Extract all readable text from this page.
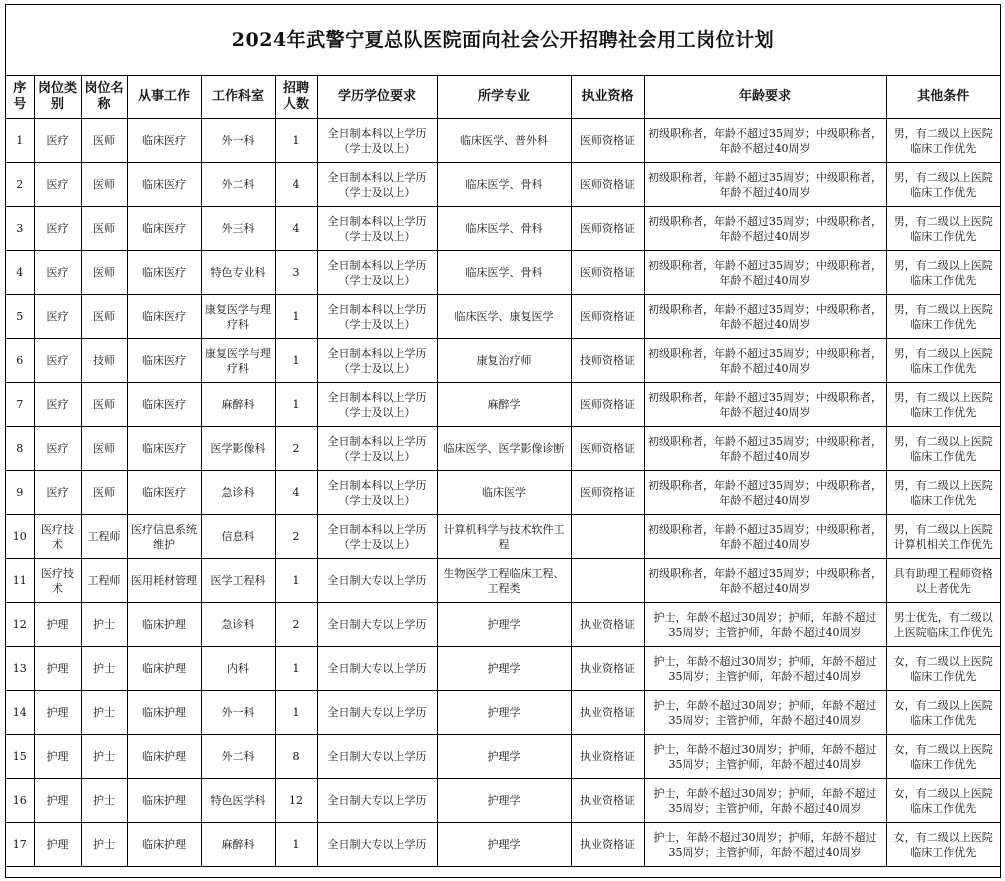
2024年武警宁夏总队医院面向社会公开招聘社会用工岗位计划
序号	岗位类别	岗位名称	从事工作	工作科室	招聘人数	学历学位要求	所学专业	执业资格	年龄要求	其他条件
1	医疗	医师	临床医疗	外一科	1	全日制本科以上学历（学士及以上）	临床医学、普外科	医师资格证	初级职称者，年龄不超过35周岁；中级职称者，年龄不超过40周岁	男，有二级以上医院临床工作优先
2	医疗	医师	临床医疗	外二科	4	全日制本科以上学历（学士及以上）	临床医学、骨科	医师资格证	初级职称者，年龄不超过35周岁；中级职称者，年龄不超过40周岁	男，有二级以上医院临床工作优先
3	医疗	医师	临床医疗	外三科	4	全日制本科以上学历（学士及以上）	临床医学、骨科	医师资格证	初级职称者，年龄不超过35周岁；中级职称者，年龄不超过40周岁	男，有二级以上医院临床工作优先
4	医疗	医师	临床医疗	特色专业科	3	全日制本科以上学历（学士及以上）	临床医学、骨科	医师资格证	初级职称者，年龄不超过35周岁；中级职称者，年龄不超过40周岁	男，有二级以上医院临床工作优先
5	医疗	医师	临床医疗	康复医学与理疗科	1	全日制本科以上学历（学士及以上）	临床医学、康复医学	医师资格证	初级职称者，年龄不超过35周岁；中级职称者，年龄不超过40周岁	男，有二级以上医院临床工作优先
6	医疗	技师	临床医疗	康复医学与理疗科	1	全日制本科以上学历（学士及以上）	康复治疗师	技师资格证	初级职称者，年龄不超过35周岁；中级职称者，年龄不超过40周岁	男，有二级以上医院临床工作优先
7	医疗	医师	临床医疗	麻醉科	1	全日制本科以上学历（学士及以上）	麻醉学	医师资格证	初级职称者，年龄不超过35周岁；中级职称者，年龄不超过40周岁	男，有二级以上医院临床工作优先
8	医疗	医师	临床医疗	医学影像科	2	全日制本科以上学历（学士及以上）	临床医学、医学影像诊断	医师资格证	初级职称者，年龄不超过35周岁；中级职称者，年龄不超过40周岁	男，有二级以上医院临床工作优先
9	医疗	医师	临床医疗	急诊科	4	全日制本科以上学历（学士及以上）	临床医学	医师资格证	初级职称者，年龄不超过35周岁；中级职称者，年龄不超过40周岁	男，有二级以上医院临床工作优先
10	医疗技术	工程师	医疗信息系统维护	信息科	2	全日制本科以上学历（学士及以上）	计算机科学与技术软件工程		初级职称者，年龄不超过35周岁；中级职称者，年龄不超过40周岁	男，有二级以上医院计算机相关工作优先
11	医疗技术	工程师	医用耗材管理	医学工程科	1	全日制大专以上学历	生物医学工程临床工程、工程类		初级职称者，年龄不超过35周岁；中级职称者，年龄不超过40周岁	具有助理工程师资格以上者优先
12	护理	护士	临床护理	急诊科	2	全日制大专以上学历	护理学	执业资格证	护士，年龄不超过30周岁；护师，年龄不超过35周岁；主管护师，年龄不超过40周岁	男士优先，有二级以上医院临床工作优先
13	护理	护士	临床护理	内科	1	全日制大专以上学历	护理学	执业资格证	护士，年龄不超过30周岁；护师，年龄不超过35周岁；主管护师，年龄不超过40周岁	女，有二级以上医院临床工作优先
14	护理	护士	临床护理	外一科	1	全日制大专以上学历	护理学	执业资格证	护士，年龄不超过30周岁；护师，年龄不超过35周岁；主管护师，年龄不超过40周岁	女，有二级以上医院临床工作优先
15	护理	护士	临床护理	外二科	8	全日制大专以上学历	护理学	执业资格证	护士，年龄不超过30周岁；护师，年龄不超过35周岁；主管护师，年龄不超过40周岁	女，有二级以上医院临床工作优先
16	护理	护士	临床护理	特色医学科	12	全日制大专以上学历	护理学	执业资格证	护士，年龄不超过30周岁；护师，年龄不超过35周岁；主管护师，年龄不超过40周岁	女，有二级以上医院临床工作优先
17	护理	护士	临床护理	麻醉科	1	全日制大专以上学历	护理学	执业资格证	护士，年龄不超过30周岁；护师，年龄不超过35周岁；主管护师，年龄不超过40周岁	女，有二级以上医院临床工作优先
